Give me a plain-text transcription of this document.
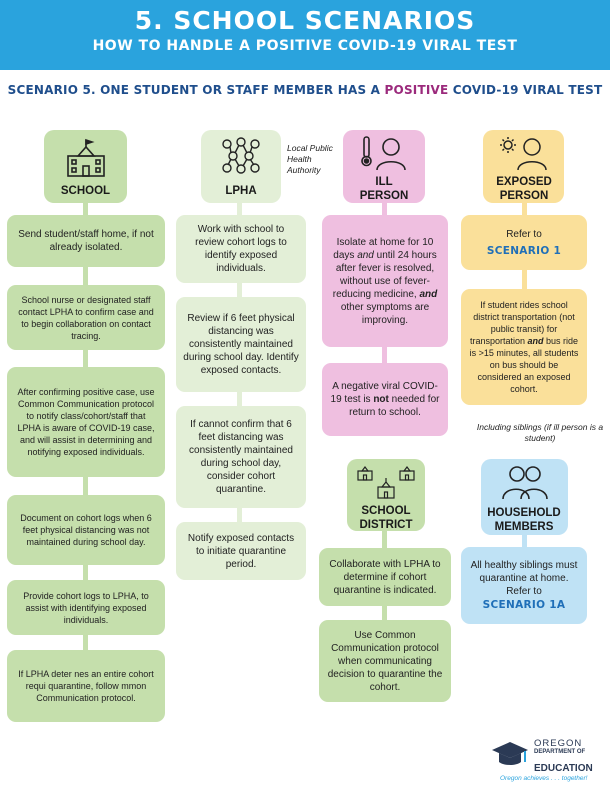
5. SCHOOL SCENARIOS
HOW TO HANDLE A POSITIVE COVID-19 VIRAL TEST
SCENARIO 5. ONE STUDENT OR STAFF MEMBER HAS A POSITIVE COVID-19 VIRAL TEST
SCHOOL
Send student/staff home, if not already isolated.
School nurse or designated staff contact LPHA to confirm case and to begin collaboration on contact tracing.
After confirming positive case, use Common Communication protocol to notify class/cohort/staff that LPHA is aware of COVID-19 case, and will assist in determining and notifying exposed individuals.
Document on cohort logs when 6 feet physical distancing was not maintained during school day.
Provide cohort logs to LPHA, to assist with identifying exposed individuals.
If LPHA deter nes an entire cohort requi quarantine, follow mmon Communication protocol.
LPHA
Local Public Health Authority
Work with school to review cohort logs to identify exposed individuals.
Review if 6 feet physical distancing was consistently maintained during school day. Identify exposed contacts.
If cannot confirm that 6 feet distancing was consistently maintained during school day, consider cohort quarantine.
Notify exposed contacts to initiate quarantine period.
ILL PERSON
Isolate at home for 10 days and until 24 hours after fever is resolved, without use of fever-reducing medicine, and other symptoms are improving.
A negative viral COVID-19 test is not needed for return to school.
EXPOSED PERSON
Refer to
SCENARIO 1
If student rides school district transportation (not public transit) for transportation and bus ride is >15 minutes, all students on bus should be considered an exposed cohort.
Including siblings (if ill person is a student)
SCHOOL DISTRICT
Collaborate with LPHA to determine if cohort quarantine is indicated.
Use Common Communication protocol when communicating decision to quarantine the cohort.
HOUSEHOLD MEMBERS
All healthy siblings must quarantine at home. Refer to
SCENARIO 1A
OREGON
DEPARTMENT OF
EDUCATION
Oregon achieves . . . together!
